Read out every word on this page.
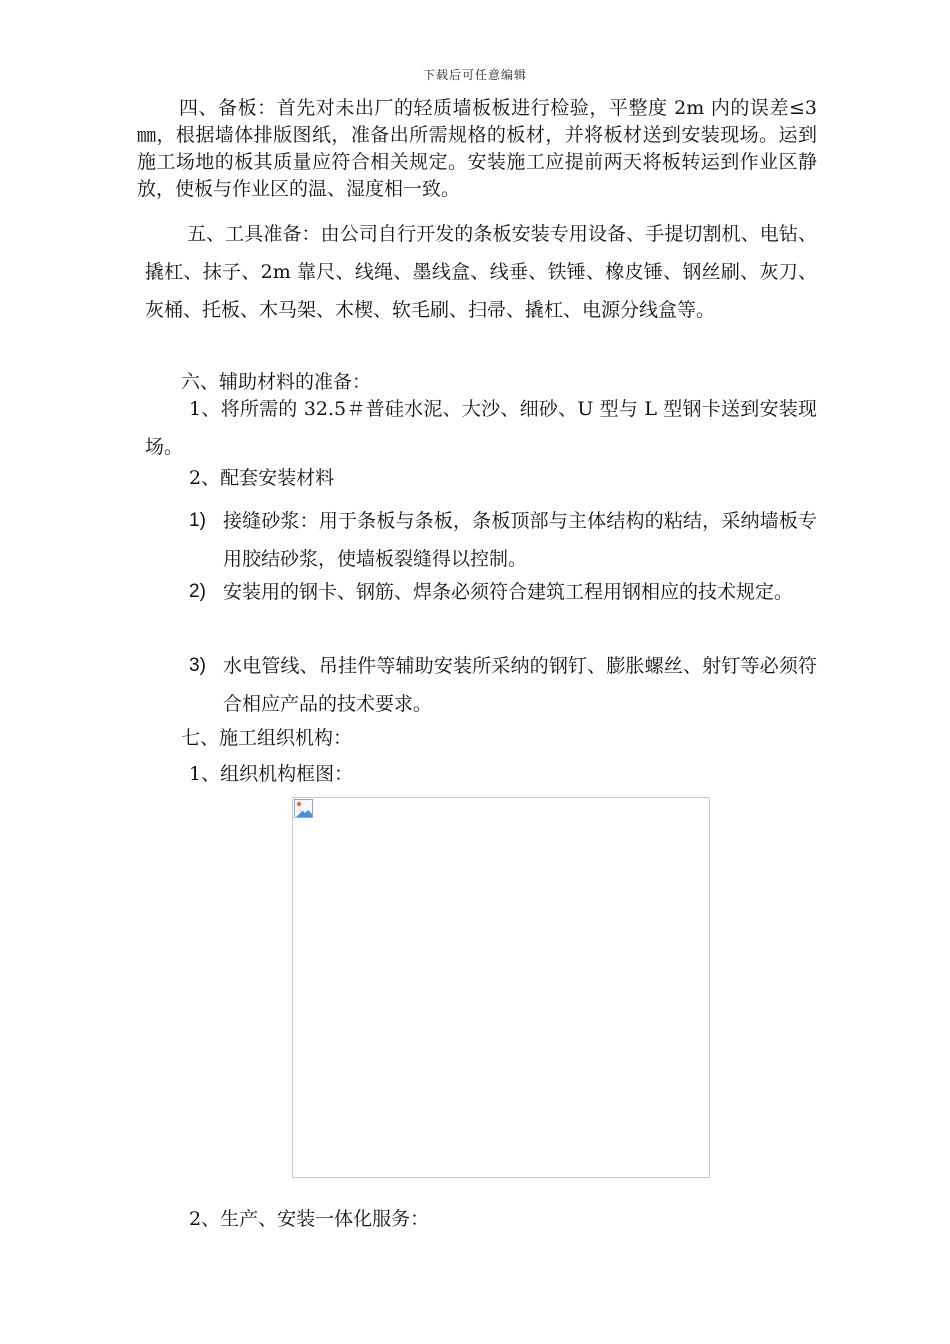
下载后可任意编辑

四、备板：首先对未出厂的轻质墙板板进行检验，平整度 2m 内的误差≤3㎜，根据墙体排版图纸，准备出所需规格的板材，并将板材送到安装现场。运到施工场地的板其质量应符合相关规定。安装施工应提前两天将板转运到作业区静放，使板与作业区的温、湿度相一致。

五、工具准备：由公司自行开发的条板安装专用设备、手提切割机、电钻、撬杠、抹子、2m 靠尺、线绳、墨线盒、线垂、铁锤、橡皮锤、钢丝刷、灰刀、灰桶、托板、木马架、木楔、软毛刷、扫帚、撬杠、电源分线盒等。

六、辅助材料的准备：

1、将所需的 32.5＃普硅水泥、大沙、细砂、U 型与 L 型钢卡送到安装现场。

2、配套安装材料

1) 接缝砂浆：用于条板与条板，条板顶部与主体结构的粘结，采纳墙板专用胶结砂浆，使墙板裂缝得以控制。

2) 安装用的钢卡、钢筋、焊条必须符合建筑工程用钢相应的技术规定。

3) 水电管线、吊挂件等辅助安装所采纳的钢钉、膨胀螺丝、射钉等必须符合相应产品的技术要求。

七、施工组织机构：

1、组织机构框图：

2、生产、安装一体化服务：
